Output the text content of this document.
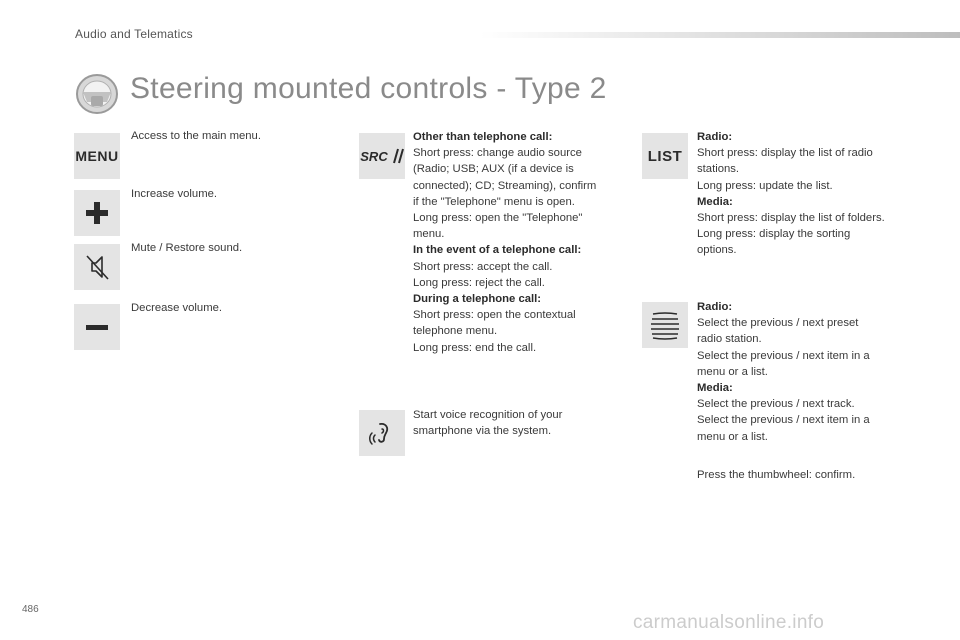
Audio and Telematics
Steering mounted controls - Type 2
MENU
Access to the main menu.
Increase volume.
Mute / Restore sound.
Decrease volume.
SRC
Other than telephone call:
Short press: change audio source
(Radio; USB; AUX (if a device is
connected); CD; Streaming), confirm
if the "Telephone" menu is open.
Long press: open the "Telephone"
menu.
In the event of a telephone call:
Short press: accept the call.
Long press: reject the call.
During a telephone call:
Short press: open the contextual
telephone menu.
Long press: end the call.
Start voice recognition of your
smartphone via the system.
LIST
Radio:
Short press: display the list of radio
stations.
Long press: update the list.
Media:
Short press: display the list of folders.
Long press: display the sorting
options.
Radio:
Select the previous / next preset
radio station.
Select the previous / next item in a
menu or a list.
Media:
Select the previous / next track.
Select the previous / next item in a
menu or a list.
Press the thumbwheel: confirm.
486
carmanualsonline.info
